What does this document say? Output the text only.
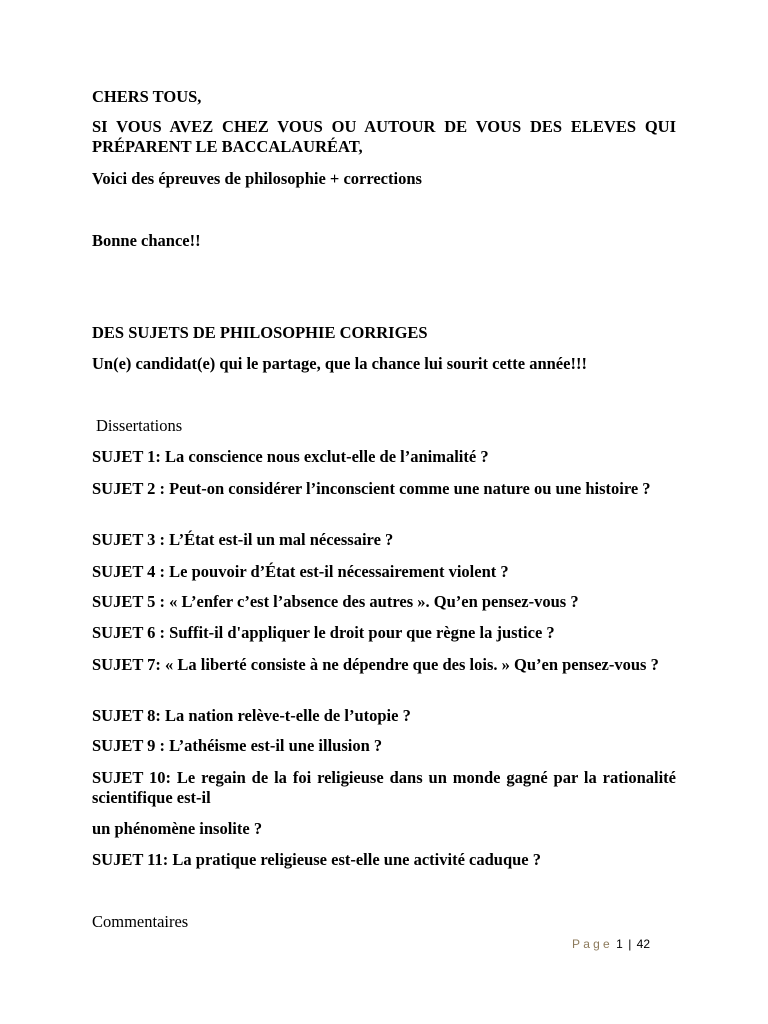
CHERS TOUS,

SI VOUS AVEZ CHEZ VOUS OU AUTOUR DE VOUS DES ELEVES QUI PRÉPARENT LE BACCALAURÉAT,

Voici des épreuves de philosophie + corrections

Bonne chance!!

DES SUJETS DE PHILOSOPHIE CORRIGES

Un(e) candidat(e) qui le partage, que la chance lui sourit cette année!!!

Dissertations

SUJET 1: La conscience nous exclut-elle de l’animalité ?

SUJET 2 : Peut-on considérer l’inconscient comme une nature ou une histoire ?

SUJET 3 : L’État est-il un mal nécessaire ?

SUJET 4 : Le pouvoir d’État est-il nécessairement violent ?

SUJET 5 : « L’enfer c’est l’absence des autres ». Qu’en pensez-vous ?

SUJET 6 : Suffit-il d'appliquer le droit pour que règne la justice ?

SUJET 7: « La liberté consiste à ne dépendre que des lois. » Qu’en pensez-vous ?

SUJET 8: La nation relève-t-elle de l’utopie ?

SUJET 9 : L’athéisme est-il une illusion ?

SUJET 10: Le regain de la foi religieuse dans un monde gagné par la rationalité scientifique est-il

un phénomène insolite ?

SUJET 11: La pratique religieuse est-elle une activité caduque ?

Commentaires

Page 1 | 42
